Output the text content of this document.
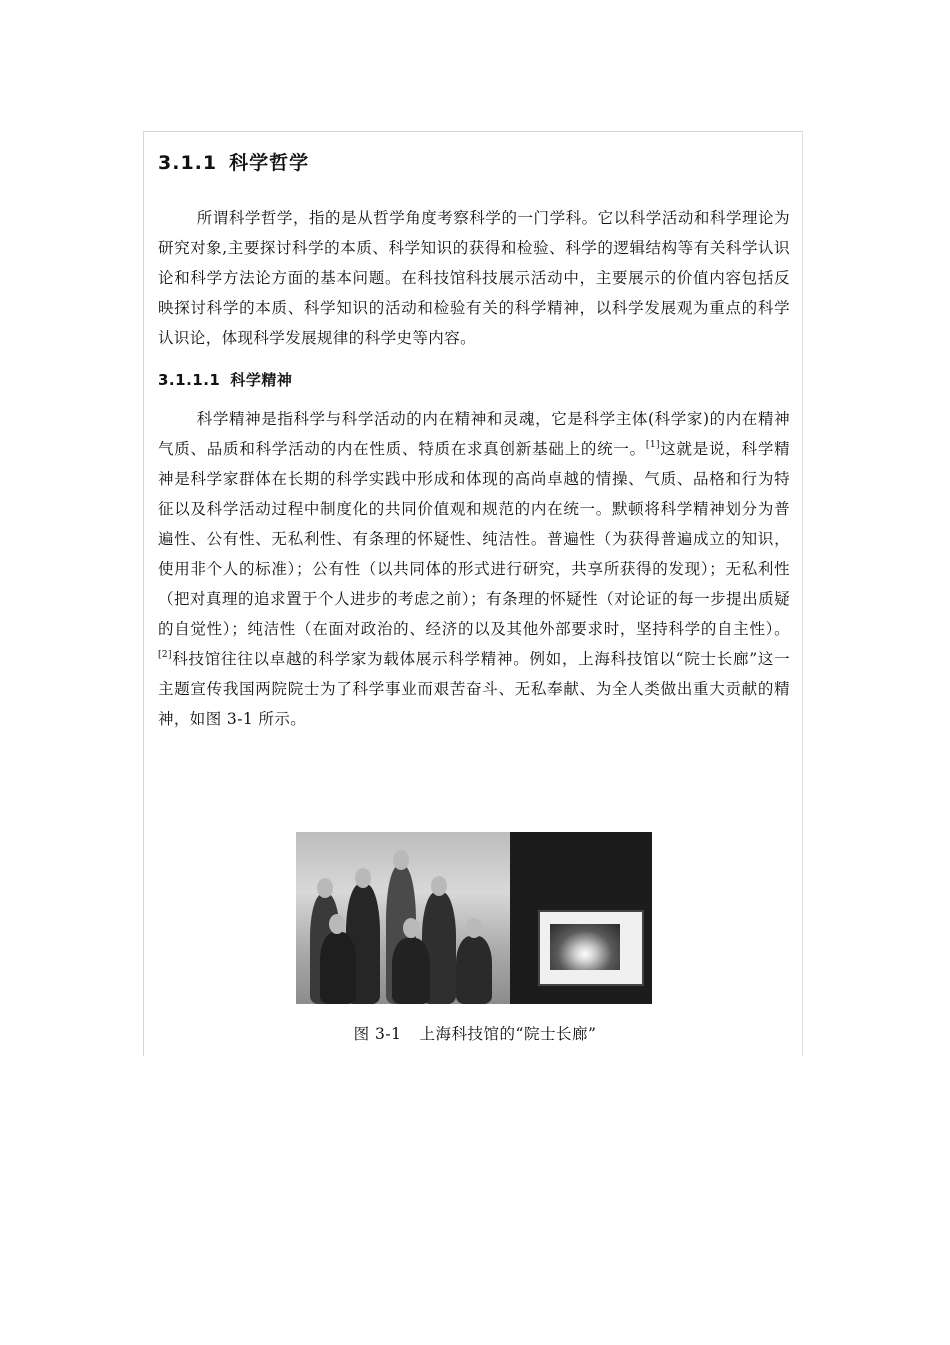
3.1.1 科学哲学

所谓科学哲学，指的是从哲学角度考察科学的一门学科。它以科学活动和科学理论为研究对象,主要探讨科学的本质、科学知识的获得和检验、科学的逻辑结构等有关科学认识论和科学方法论方面的基本问题。在科技馆科技展示活动中，主要展示的价值内容包括反映探讨科学的本质、科学知识的活动和检验有关的科学精神，以科学发展观为重点的科学认识论，体现科学发展规律的科学史等内容。

3.1.1.1 科学精神

科学精神是指科学与科学活动的内在精神和灵魂，它是科学主体(科学家)的内在精神气质、品质和科学活动的内在性质、特质在求真创新基础上的统一。[1]这就是说，科学精神是科学家群体在长期的科学实践中形成和体现的高尚卓越的情操、气质、品格和行为特征以及科学活动过程中制度化的共同价值观和规范的内在统一。默顿将科学精神划分为普遍性、公有性、无私利性、有条理的怀疑性、纯洁性。普遍性（为获得普遍成立的知识，使用非个人的标准）；公有性（以共同体的形式进行研究，共享所获得的发现）；无私利性（把对真理的追求置于个人进步的考虑之前）；有条理的怀疑性（对论证的每一步提出质疑的自觉性）；纯洁性（在面对政治的、经济的以及其他外部要求时，坚持科学的自主性）。[2]科技馆往往以卓越的科学家为载体展示科学精神。例如，上海科技馆以“院士长廊”这一主题宣传我国两院院士为了科学事业而艰苦奋斗、无私奉献、为全人类做出重大贡献的精神，如图 3-1 所示。

图 3-1 上海科技馆的“院士长廊”
